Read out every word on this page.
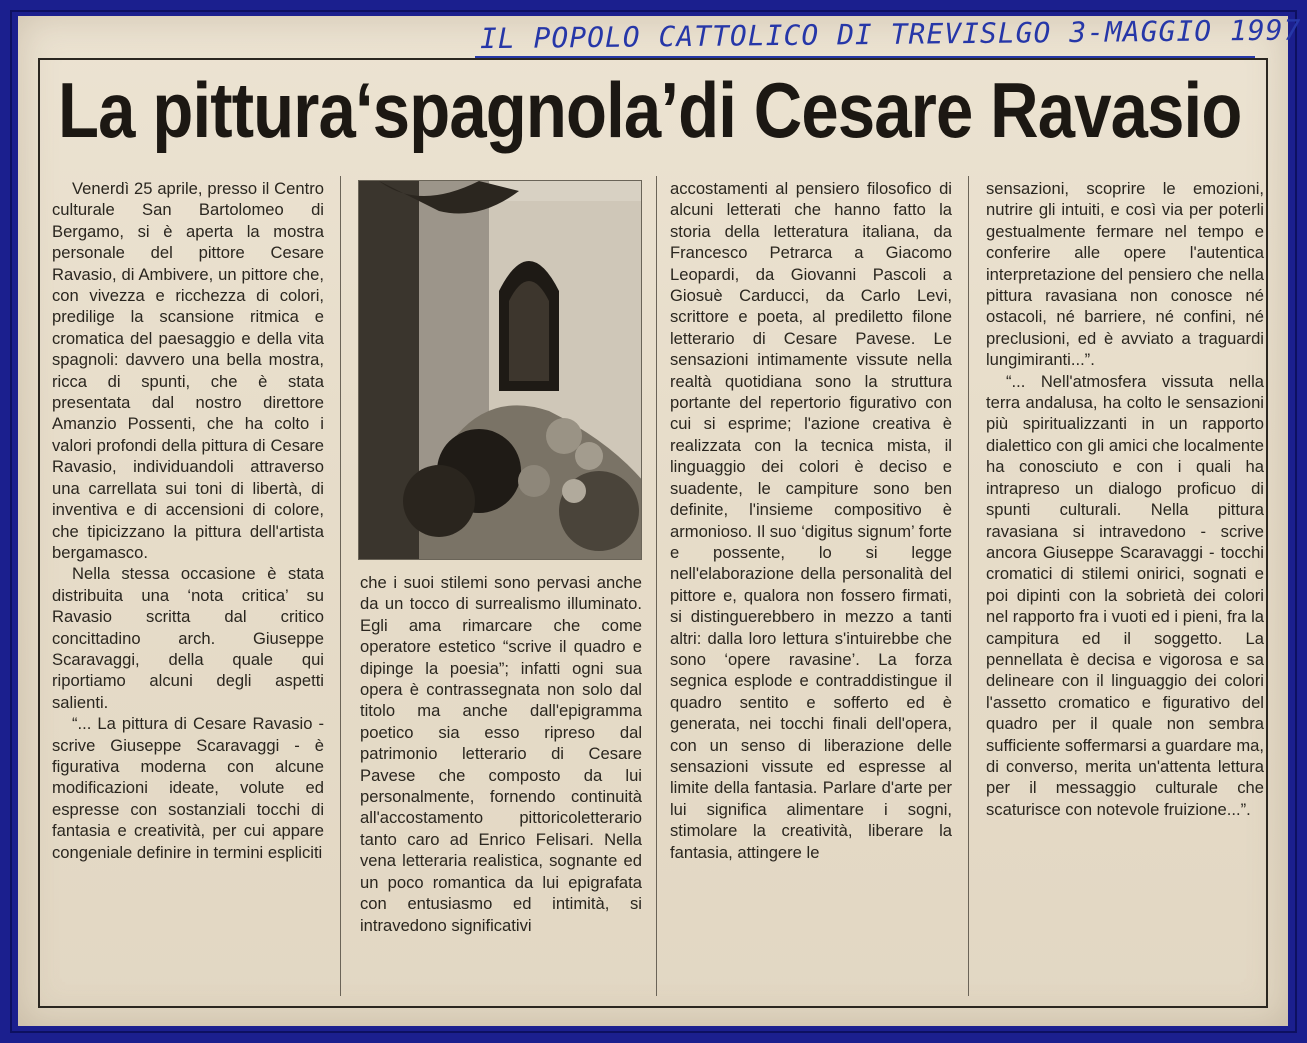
IL POPOLO CATTOLICO DI TREVISLGO 3-MAGGIO 1997
La pittura‘spagnola’di Cesare Ravasio

Venerdì 25 aprile, presso il Centro culturale San Bartolomeo di Bergamo, si è aperta la mostra personale del pittore Cesare Ravasio, di Ambivere, un pittore che, con vivezza e ricchezza di colori, predilige la scansione ritmica e cromatica del paesaggio e della vita spagnoli: davvero una bella mostra, ricca di spunti, che è stata presentata dal nostro direttore Amanzio Possenti, che ha colto i valori profondi della pittura di Cesare Ravasio, individuandoli attraverso una carrellata sui toni di libertà, di inventiva e di accensioni di colore, che tipicizzano la pittura dell'artista bergamasco.

Nella stessa occasione è stata distribuita una ‘nota critica’ su Ravasio scritta dal critico concittadino arch. Giuseppe Scaravaggi, della quale qui riportiamo alcuni degli aspetti salienti.

“... La pittura di Cesare Ravasio - scrive Giuseppe Scaravaggi - è figurativa moderna con alcune modificazioni ideate, volute ed espresse con sostanziali tocchi di fantasia e creatività, per cui appare congeniale definire in termini espliciti

che i suoi stilemi sono pervasi anche da un tocco di surrealismo illuminato. Egli ama rimarcare che come operatore estetico “scrive il quadro e dipinge la poesia”; infatti ogni sua opera è contrassegnata non solo dal titolo ma anche dall'epigramma poetico sia esso ripreso dal patrimonio letterario di Cesare Pavese che composto da lui personalmente, fornendo continuità all'accostamento pittoricoletterario tanto caro ad Enrico Felisari. Nella vena letteraria realistica, sognante ed un poco romantica da lui epigrafata con entusiasmo ed intimità, si intravedono significativi

accostamenti al pensiero filosofico di alcuni letterati che hanno fatto la storia della letteratura italiana, da Francesco Petrarca a Giacomo Leopardi, da Giovanni Pascoli a Giosuè Carducci, da Carlo Levi, scrittore e poeta, al prediletto filone letterario di Cesare Pavese. Le sensazioni intimamente vissute nella realtà quotidiana sono la struttura portante del repertorio figurativo con cui si esprime; l'azione creativa è realizzata con la tecnica mista, il linguaggio dei colori è deciso e suadente, le campiture sono ben definite, l'insieme compositivo è armonioso. Il suo ‘digitus signum’ forte e possente, lo si legge nell'elaborazione della personalità del pittore e, qualora non fossero firmati, si distinguerebbero in mezzo a tanti altri: dalla loro lettura s'intuirebbe che sono ‘opere ravasine’. La forza segnica esplode e contraddistingue il quadro sentito e sofferto ed è generata, nei tocchi finali dell'opera, con un senso di liberazione delle sensazioni vissute ed espresse al limite della fantasia. Parlare d'arte per lui significa alimentare i sogni, stimolare la creatività, liberare la fantasia, attingere le

sensazioni, scoprire le emozioni, nutrire gli intuiti, e così via per poterli gestualmente fermare nel tempo e conferire alle opere l'autentica interpretazione del pensiero che nella pittura ravasiana non conosce né ostacoli, né barriere, né confini, né preclusioni, ed è avviato a traguardi lungimiranti...”.

“... Nell'atmosfera vissuta nella terra andalusa, ha colto le sensazioni più spiritualizzanti in un rapporto dialettico con gli amici che localmente ha conosciuto e con i quali ha intrapreso un dialogo proficuo di spunti culturali. Nella pittura ravasiana si intravedono - scrive ancora Giuseppe Scaravaggi - tocchi cromatici di stilemi onirici, sognati e poi dipinti con la sobrietà dei colori nel rapporto fra i vuoti ed i pieni, fra la campitura ed il soggetto. La pennellata è decisa e vigorosa e sa delineare con il linguaggio dei colori l'assetto cromatico e figurativo del quadro per il quale non sembra sufficiente soffermarsi a guardare ma, di converso, merita un'attenta lettura per il messaggio culturale che scaturisce con notevole fruizione...”.
